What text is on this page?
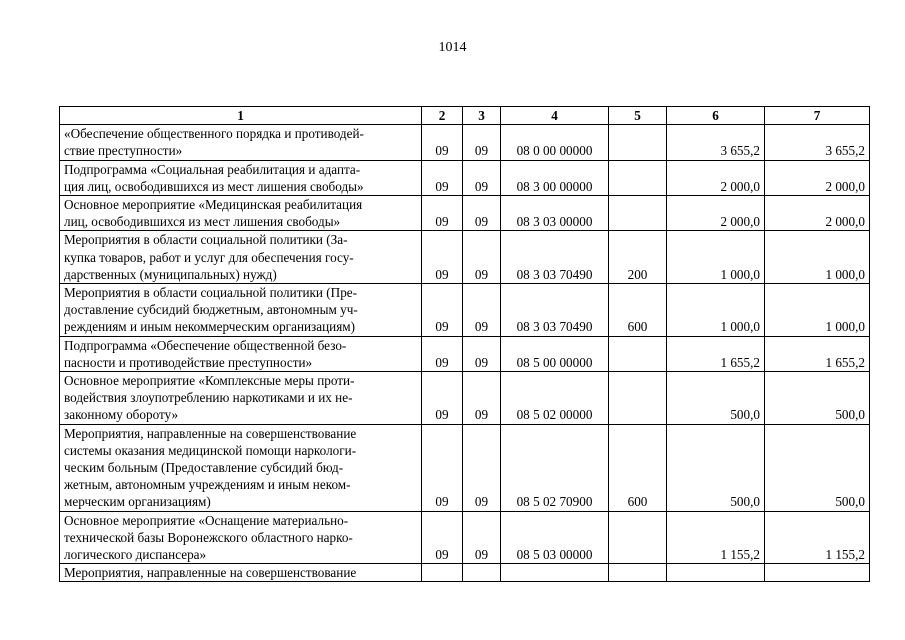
1014
1	2	3	4	5	6	7
«Обеспечение общественного порядка и противодей-
ствие преступности»	09	09	08 0 00 00000		3 655,2	3 655,2
Подпрограмма «Социальная реабилитация и адапта-
ция лиц, освободившихся из мест лишения свободы»	09	09	08 3 00 00000		2 000,0	2 000,0
Основное мероприятие «Медицинская реабилитация
лиц, освободившихся из мест лишения свободы»	09	09	08 3 03 00000		2 000,0	2 000,0
Мероприятия в области социальной политики (За-
купка товаров, работ и услуг для обеспечения госу-
дарственных (муниципальных) нужд)	09	09	08 3 03 70490	200	1 000,0	1 000,0
Мероприятия в области социальной политики (Пре-
доставление субсидий бюджетным, автономным уч-
реждениям и иным некоммерческим организациям)	09	09	08 3 03 70490	600	1 000,0	1 000,0
Подпрограмма «Обеспечение общественной безо-
пасности и противодействие преступности»	09	09	08 5 00 00000		1 655,2	1 655,2
Основное мероприятие «Комплексные меры проти-
водействия злоупотреблению наркотиками и их не-
законному обороту»	09	09	08 5 02 00000		500,0	500,0
Мероприятия, направленные на совершенствование
системы оказания медицинской помощи наркологи-
ческим больным (Предоставление субсидий бюд-
жетным, автономным учреждениям и иным неком-
мерческим организациям)	09	09	08 5 02 70900	600	500,0	500,0
Основное мероприятие «Оснащение материально-
технической базы Воронежского областного нарко-
логического диспансера»	09	09	08 5 03 00000		1 155,2	1 155,2
Мероприятия, направленные на совершенствование						
